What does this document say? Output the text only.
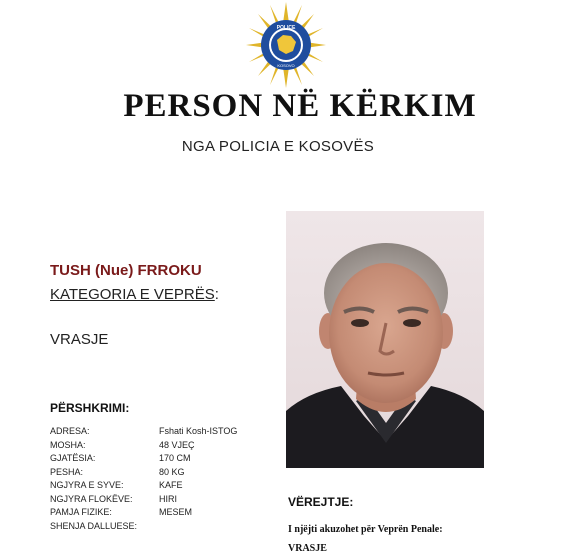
POLICE
KOSOVO
PERSON NË KËRKIM
NGA POLICIA E KOSOVËS
TUSH (Nue) FRROKU
KATEGORIA E VEPRËS:
VRASJE
PËRSHKRIMI:
ADRESA:	Fshati Kosh-ISTOG
MOSHA:	48 VJEÇ
GJATËSIA:	170 CM
PESHA:	80 KG
NGJYRA E SYVE:	KAFE
NGJYRA FLOKËVE:	HIRI
PAMJA FIZIKE:	MESEM
SHENJA DALLUESE:
VËREJTJE:
I njëjti akuzohet për Veprën Penale:
VRASJE
